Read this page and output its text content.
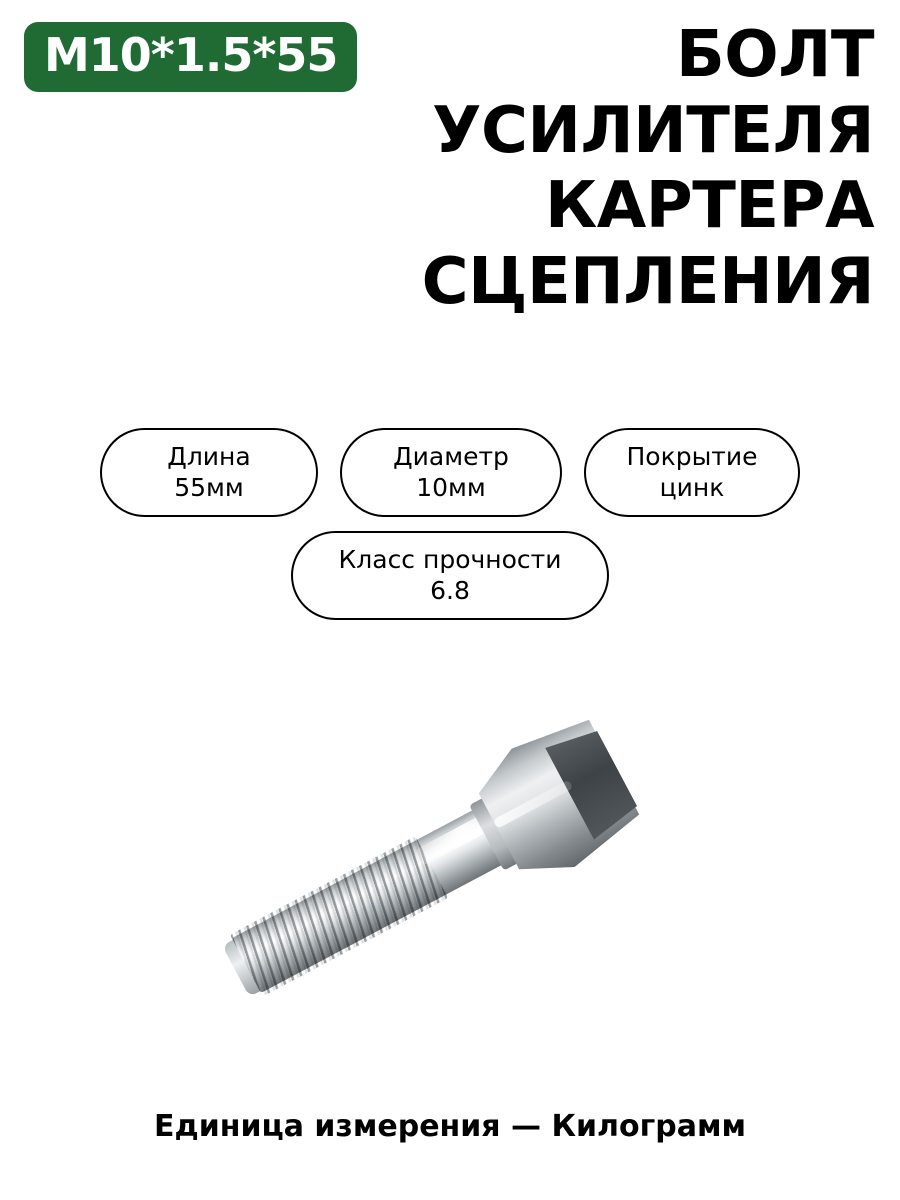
M10*1.5*55	БОЛТ
УСИЛИТЕЛЯ
КАРТЕРА
СЦЕПЛЕНИЯ
Длина
55мм
Диаметр
10мм
Покрытие
цинк
Класс прочности
6.8
Единица измерения — Килограмм
